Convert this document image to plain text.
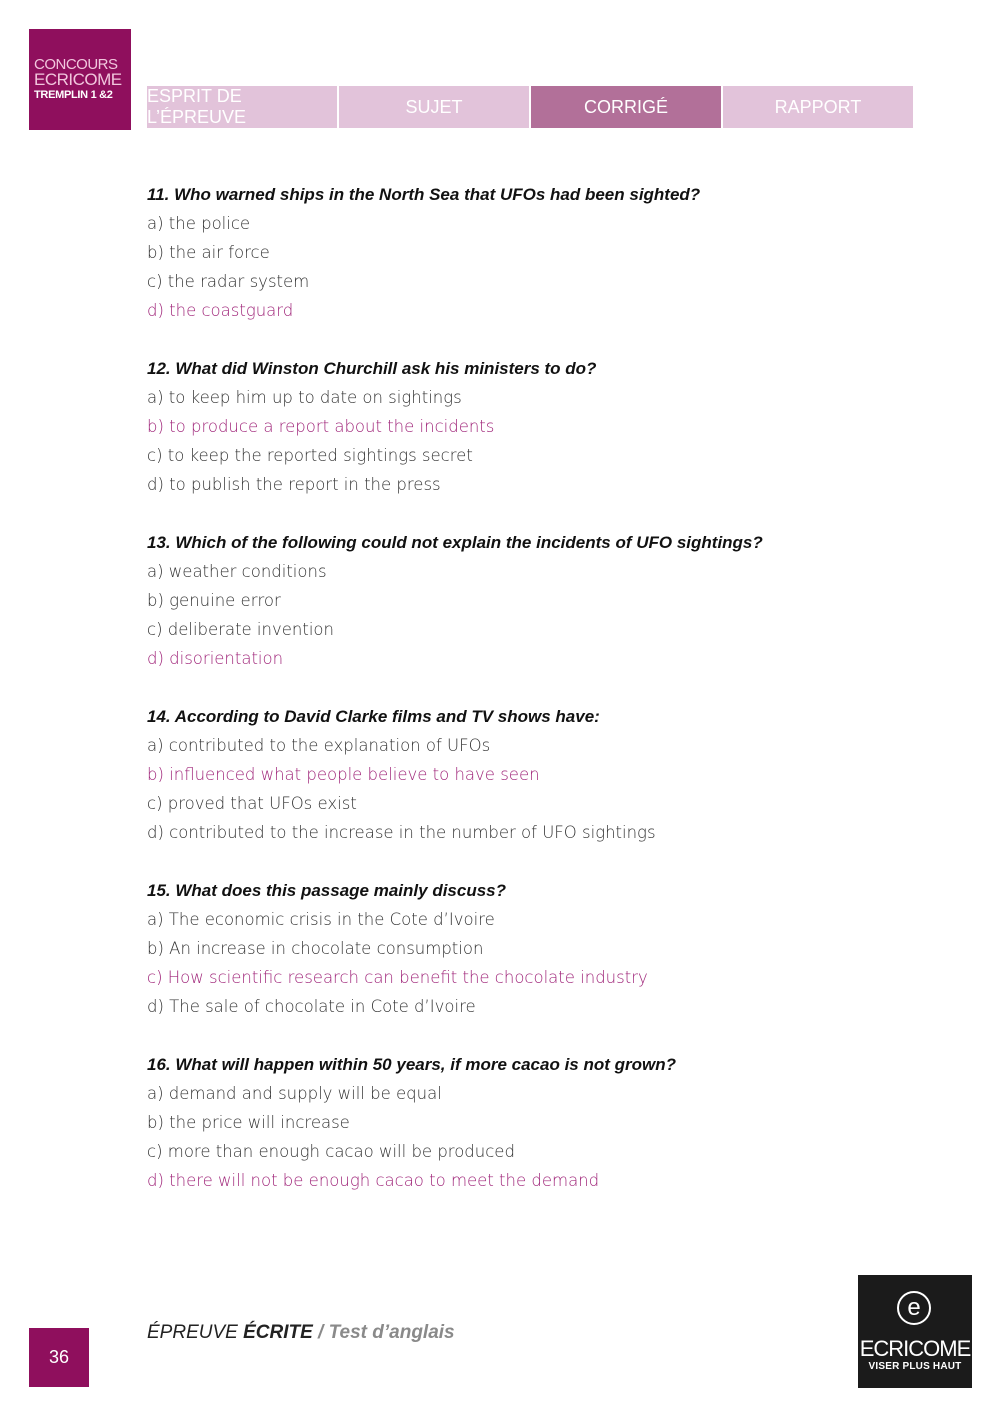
CONCOURS
ECRICOME
TREMPLIN 1 &2 ESPRIT DE L’ÉPREUVE
SUJET	CORRIGÉ	RAPPORT

11. Who warned ships in the North Sea that UFOs had been sighted?

a) the police

b) the air force

c) the radar system

d) the coastguard

12. What did Winston Churchill ask his ministers to do?

a) to keep him up to date on sightings

b) to produce a report about the incidents

c) to keep the reported sightings secret

d) to publish the report in the press

13. Which of the following could not explain the incidents of UFO sightings?

a) weather conditions

b) genuine error

c) deliberate invention

d) disorientation

14. According to David Clarke films and TV shows have:

a) contributed to the explanation of UFOs

b) influenced what people believe to have seen

c) proved that UFOs exist

d) contributed to the increase in the number of UFO sightings

15. What does this passage mainly discuss?

a) The economic crisis in the Cote d’Ivoire

b) An increase in chocolate consumption

c) How scientific research can benefit the chocolate industry

d) The sale of chocolate in Cote d’Ivoire

16. What will happen within 50 years, if more cacao is not grown?

a) demand and supply will be equal

b) the price will increase

c) more than enough cacao will be produced

d) there will not be enough cacao to meet the demand

36
ÉPREUVE ÉCRITE / Test d’anglais
e
ECRICOME
VISER PLUS HAUT
